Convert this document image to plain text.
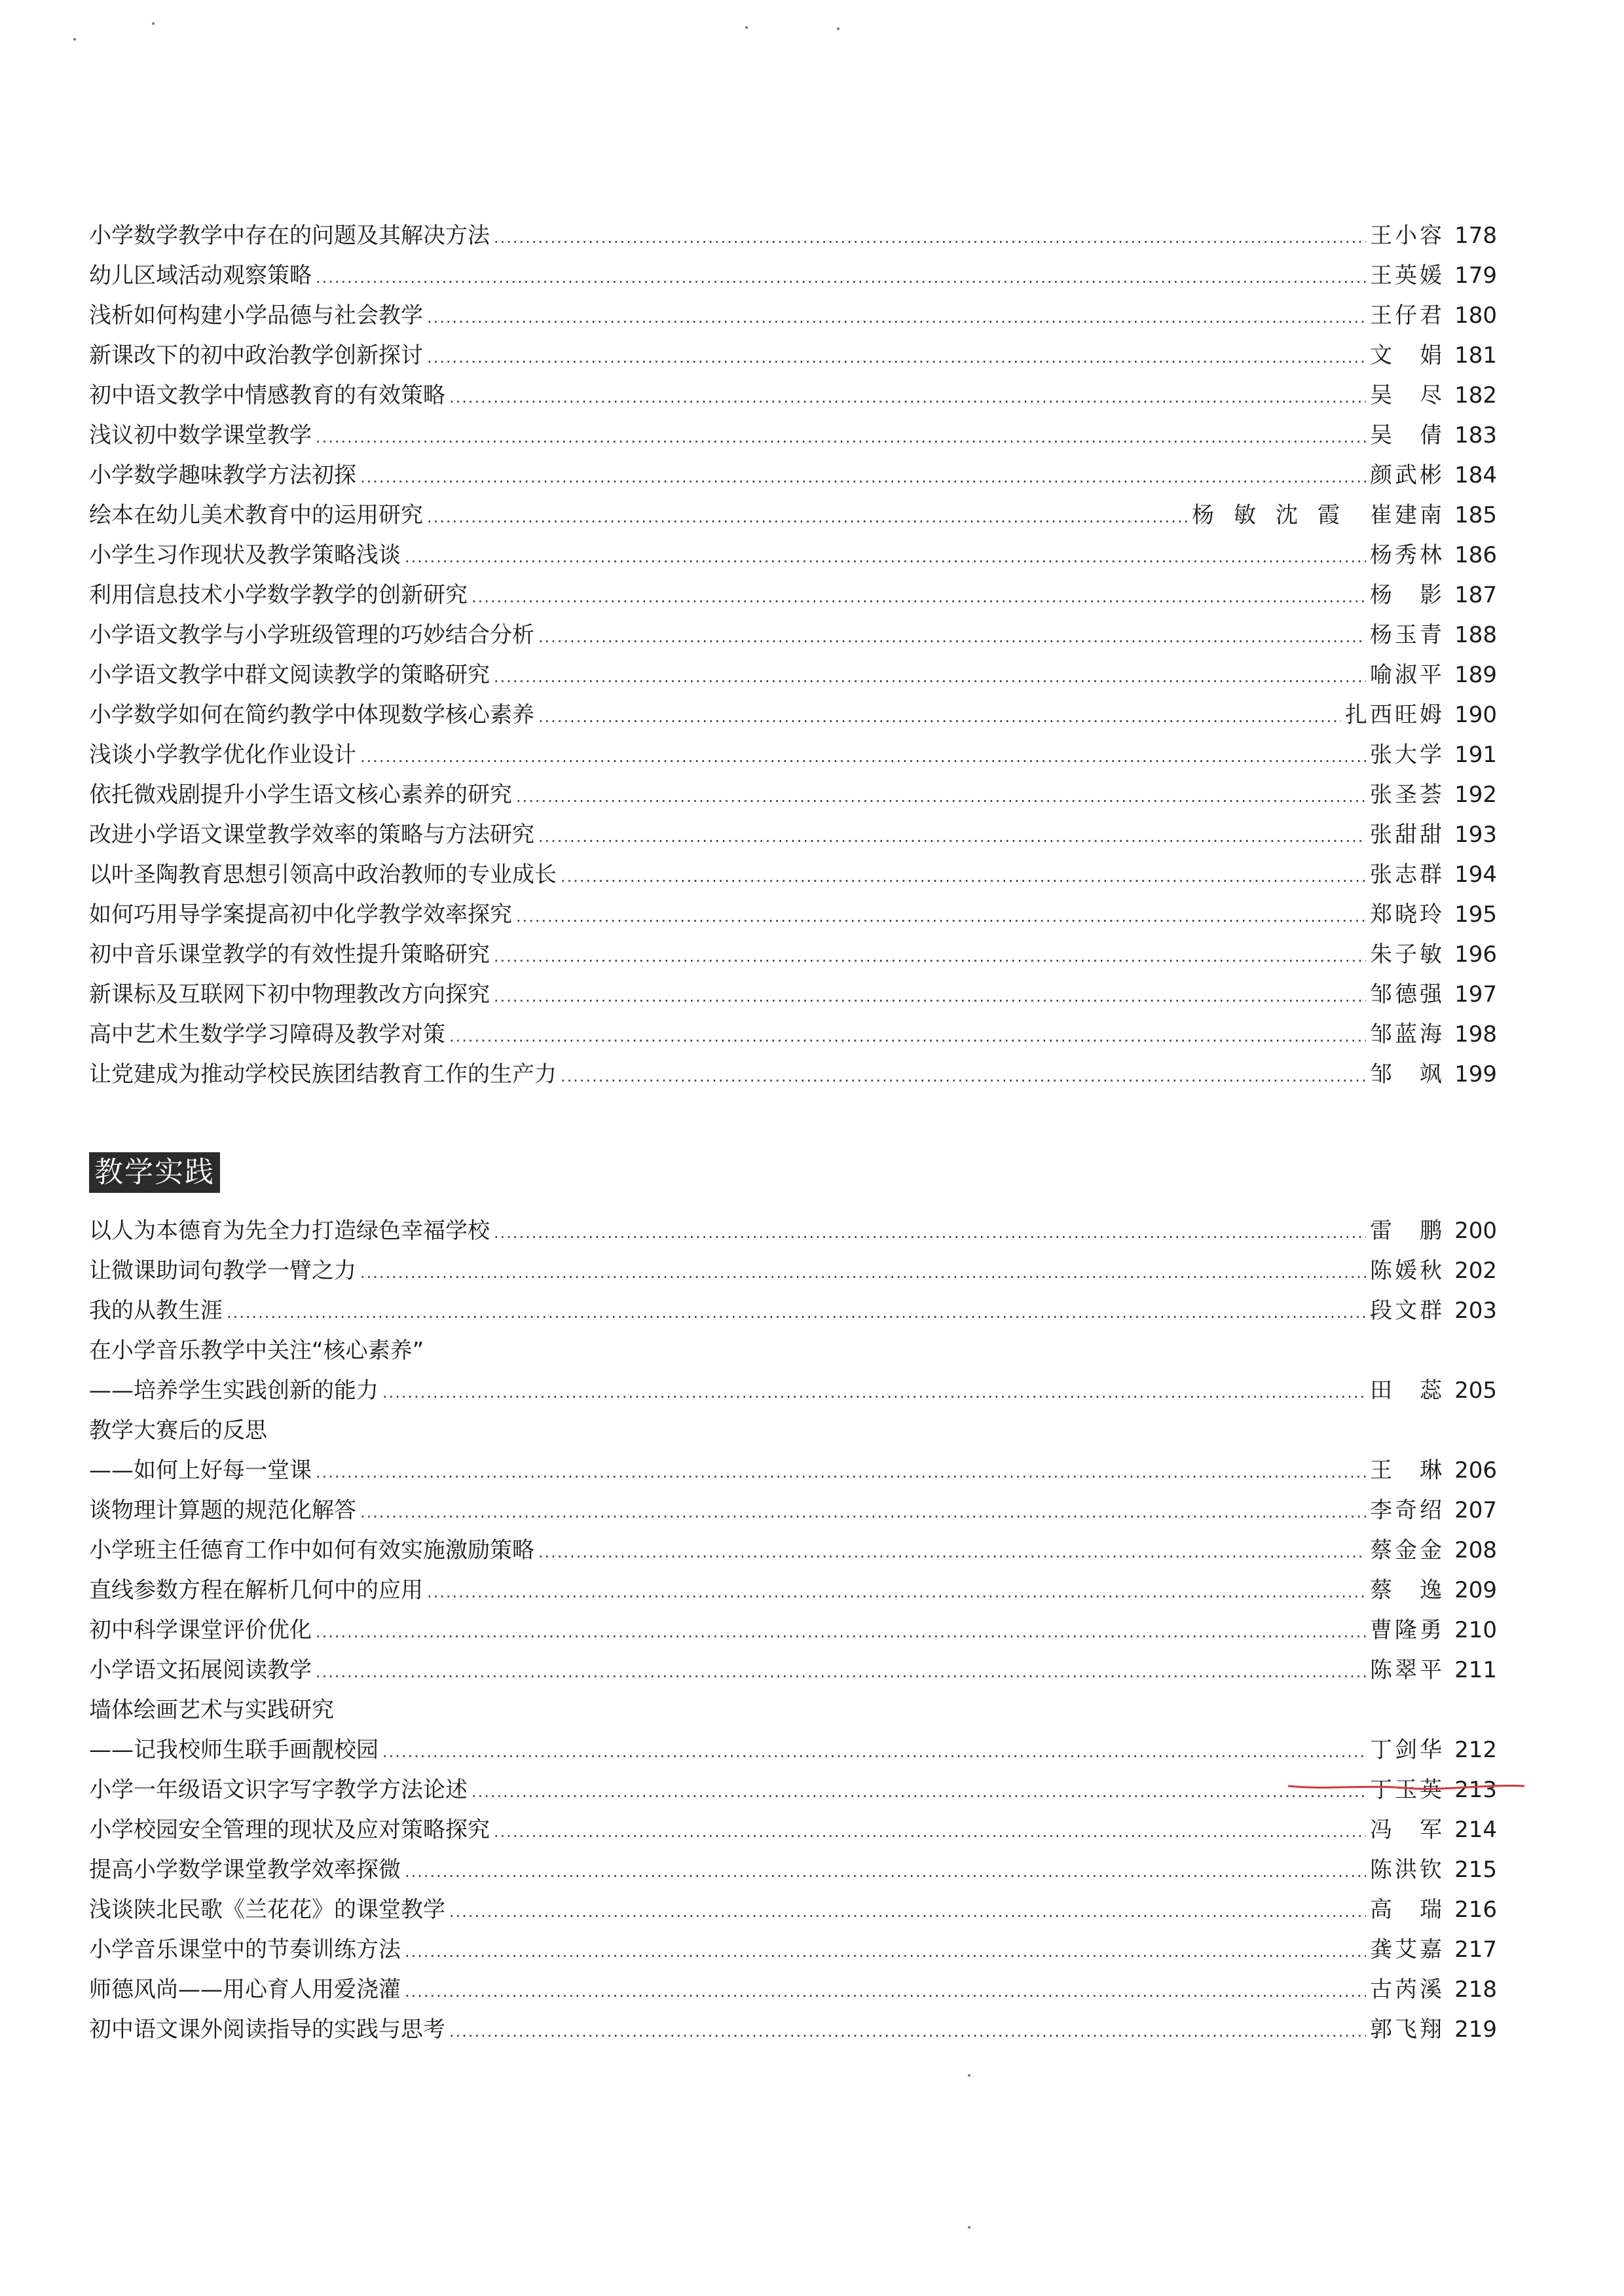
小学数学教学中存在的问题及其解决方法 .....	王小容 178
幼儿区域活动观察策略 .....	王英媛 179
浅析如何构建小学品德与社会教学 .....	王仔君 180
新课改下的初中政治教学创新探讨 .....	文　娟 181
初中语文教学中情感教育的有效策略 .....	吴　尽 182
浅议初中数学课堂教学 .....	吴　倩 183
小学数学趣味教学方法初探 .....	颜武彬 184
绘本在幼儿美术教育中的运用研究 .....	杨敏沈霞 崔建南 185
小学生习作现状及教学策略浅谈 .....	杨秀林 186
利用信息技术小学数学教学的创新研究 .....	杨　影 187
小学语文教学与小学班级管理的巧妙结合分析 .....	杨玉青 188
小学语文教学中群文阅读教学的策略研究 .....	喻淑平 189
小学数学如何在简约教学中体现数学核心素养 .....	扎西旺姆 190
浅谈小学教学优化作业设计 .....	张大学 191
依托微戏剧提升小学生语文核心素养的研究 .....	张圣荟 192
改进小学语文课堂教学效率的策略与方法研究 .....	张甜甜 193
以叶圣陶教育思想引领高中政治教师的专业成长 .....	张志群 194
如何巧用导学案提高初中化学教学效率探究 .....	郑晓玲 195
初中音乐课堂教学的有效性提升策略研究 .....	朱子敏 196
新课标及互联网下初中物理教改方向探究 .....	邹德强 197
高中艺术生数学学习障碍及教学对策 .....	邹蓝海 198
让党建成为推动学校民族团结教育工作的生产力 .....	邹　飒 199
教学实践
以人为本德育为先全力打造绿色幸福学校 .....	雷　鹏 200
让微课助词句教学一臂之力 .....	陈媛秋 202
我的从教生涯 .....	段文群 203
在小学音乐教学中关注“核心素养”
——培养学生实践创新的能力 .....	田　蕊 205
教学大赛后的反思
——如何上好每一堂课 .....	王　琳 206
谈物理计算题的规范化解答 .....	李奇绍 207
小学班主任德育工作中如何有效实施激励策略 .....	蔡金金 208
直线参数方程在解析几何中的应用 .....	蔡　逸 209
初中科学课堂评价优化 .....	曹隆勇 210
小学语文拓展阅读教学 .....	陈翠平 211
墙体绘画艺术与实践研究
——记我校师生联手画靓校园 .....	丁剑华 212
小学一年级语文识字写字教学方法论述 .....	丁玉英 213
小学校园安全管理的现状及应对策略探究 .....	冯　军 214
提高小学数学课堂教学效率探微 .....	陈洪钦 215
浅谈陕北民歌《兰花花》的课堂教学 .....	高　瑞 216
小学音乐课堂中的节奏训练方法 .....	龚艾嘉 217
师德风尚——用心育人用爱浇灌 .....	古芮溪 218
初中语文课外阅读指导的实践与思考 .....	郭飞翔 219
